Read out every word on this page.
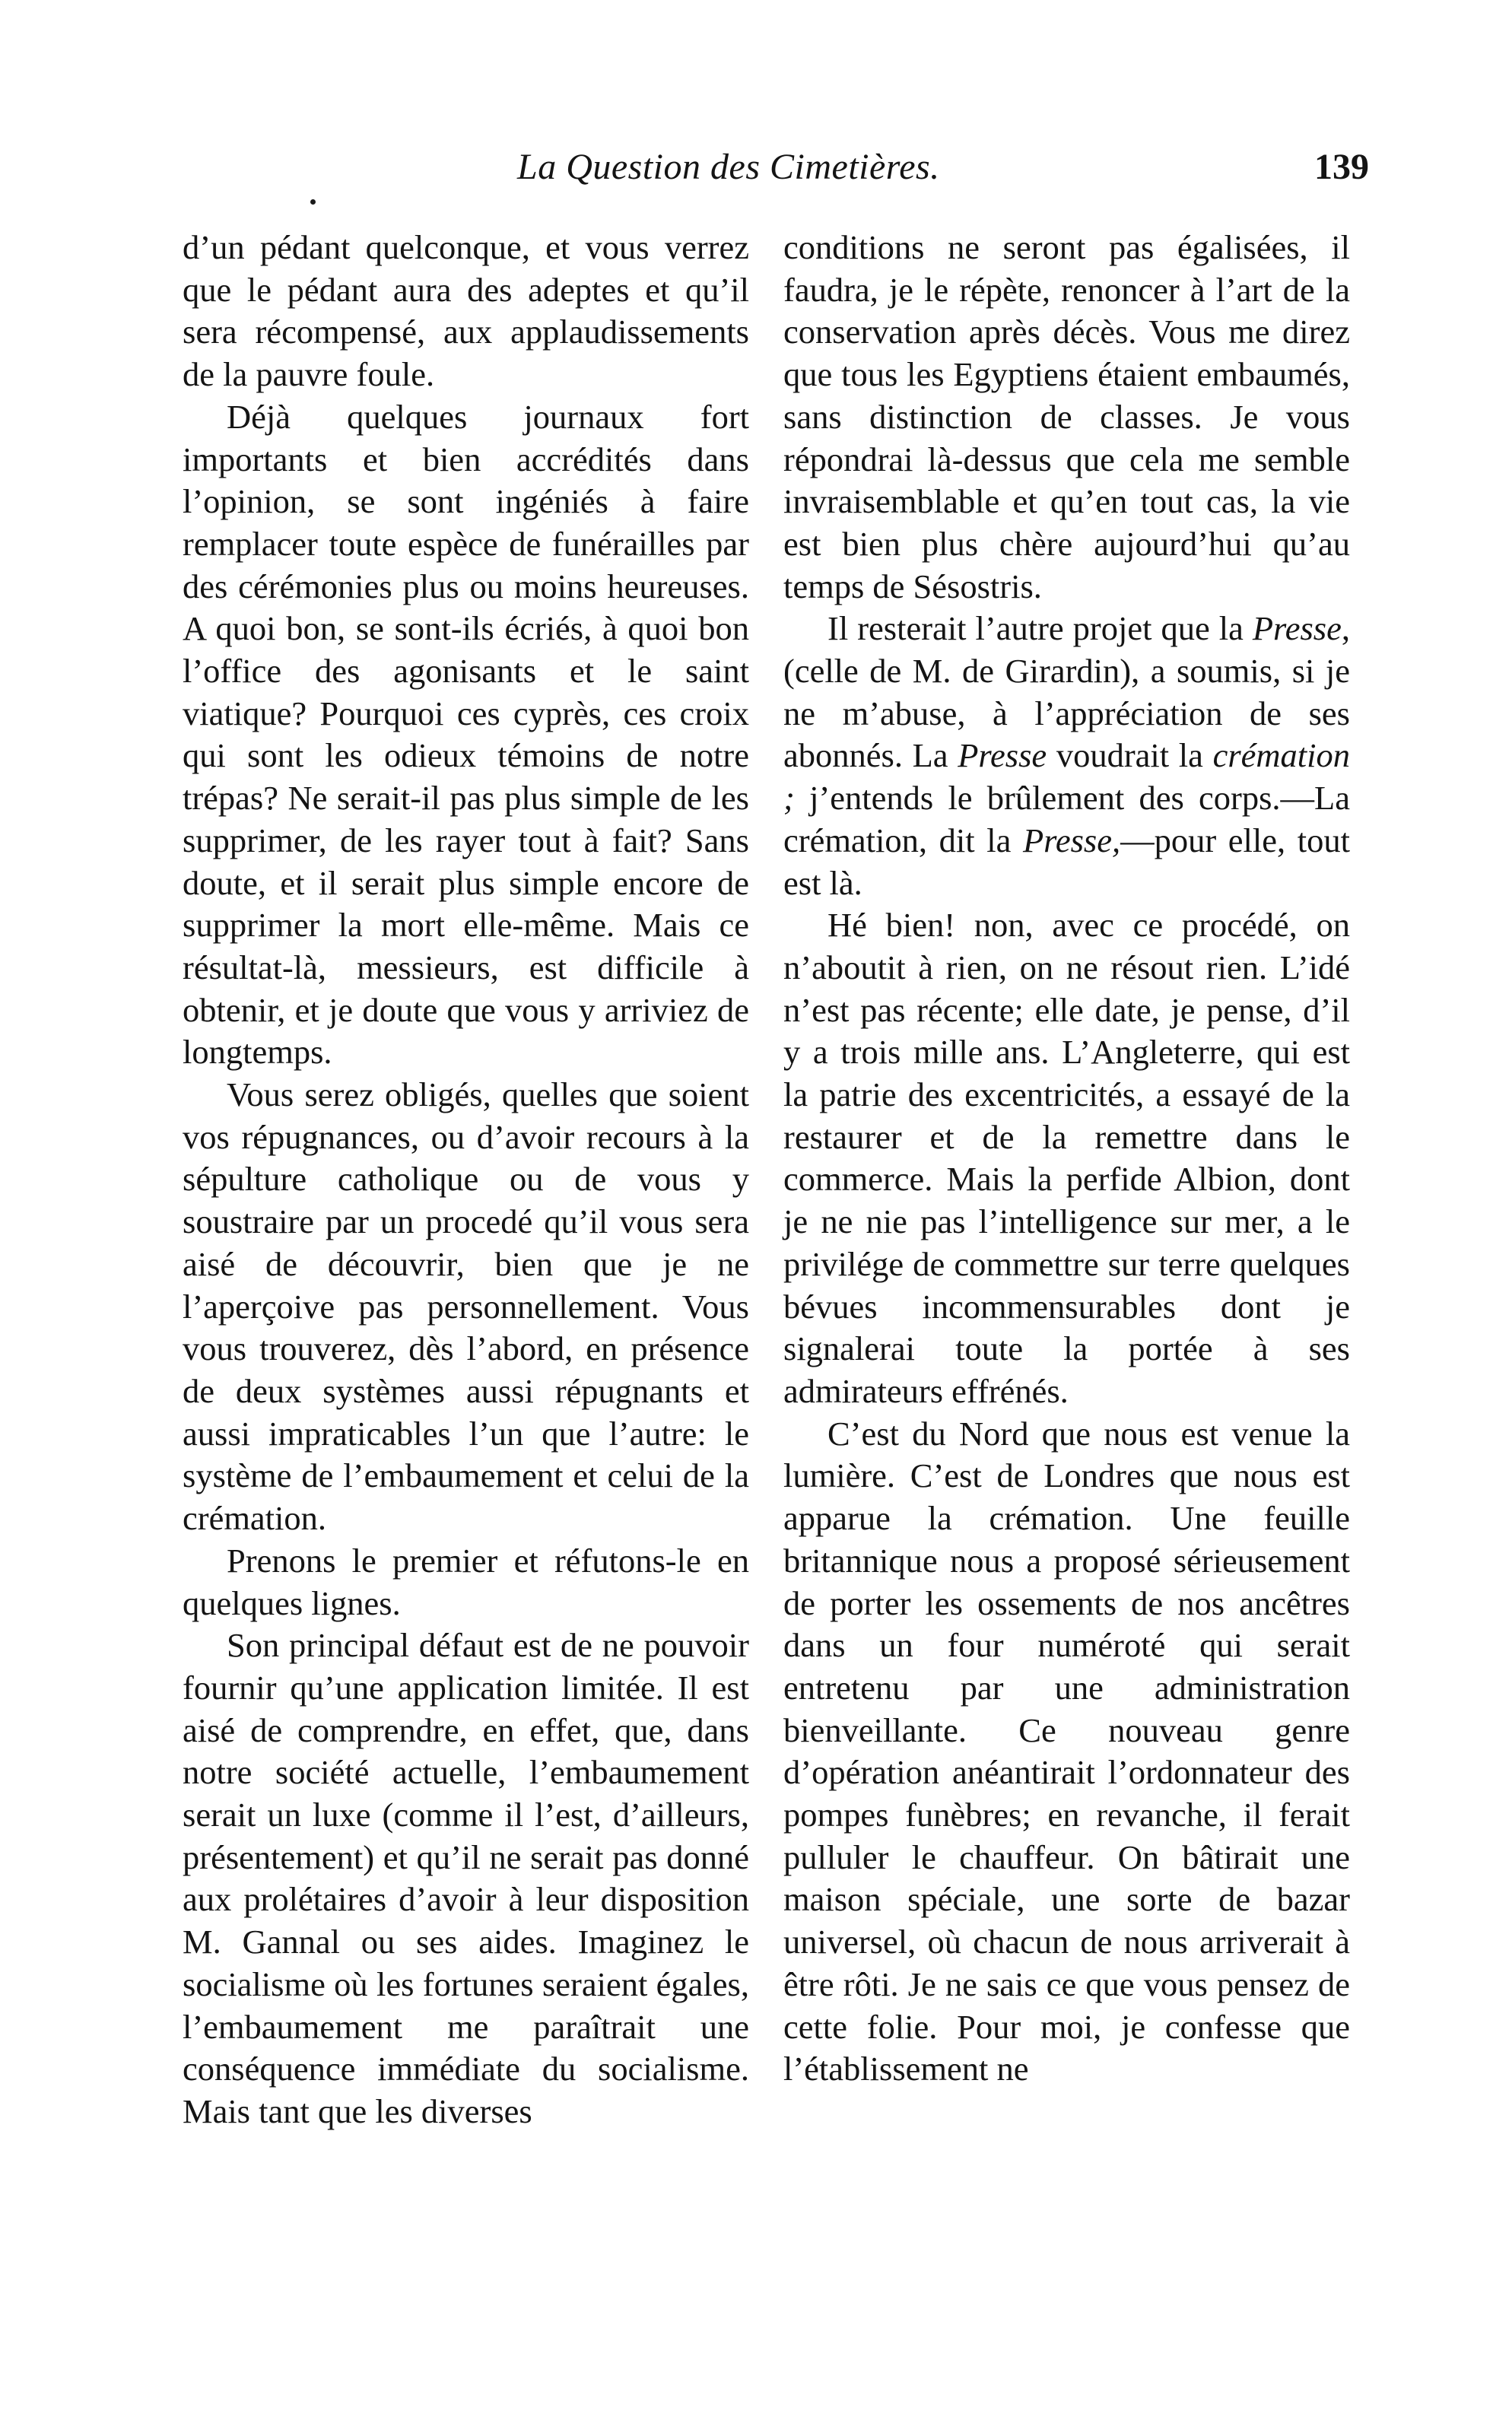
La Question des Cimetières.	139

d’un pédant quelconque, et vous verrez que le pédant aura des adeptes et qu’il sera récompensé, aux applaudissements de la pauvre foule.

Déjà quelques journaux fort importants et bien accrédités dans l’opinion, se sont ingéniés à faire remplacer toute espèce de funérailles par des cérémonies plus ou moins heureuses. A quoi bon, se sont-ils écriés, à quoi bon l’office des agonisants et le saint viatique? Pourquoi ces cyprès, ces croix qui sont les odieux témoins de notre trépas? Ne serait-il pas plus simple de les supprimer, de les rayer tout à fait? Sans doute, et il serait plus simple encore de supprimer la mort elle-même. Mais ce résultat-là, messieurs, est difficile à obtenir, et je doute que vous y arriviez de longtemps.

Vous serez obligés, quelles que soient vos répugnances, ou d’avoir recours à la sépulture catholique ou de vous y soustraire par un procedé qu’il vous sera aisé de découvrir, bien que je ne l’aperçoive pas personnellement. Vous vous trouverez, dès l’abord, en présence de deux systèmes aussi répugnants et aussi impraticables l’un que l’autre: le système de l’embaumement et celui de la crémation.

Prenons le premier et réfutons-le en quelques lignes.

Son principal défaut est de ne pouvoir fournir qu’une application limitée. Il est aisé de comprendre, en effet, que, dans notre société actuelle, l’embaumement serait un luxe (comme il l’est, d’ailleurs, présentement) et qu’il ne serait pas donné aux prolétaires d’avoir à leur disposition M. Gannal ou ses aides. Imaginez le socialisme où les fortunes seraient égales, l’embaumement me paraîtrait une conséquence immédiate du socialisme. Mais tant que les diverses

conditions ne seront pas égalisées, il faudra, je le répète, renoncer à l’art de la conservation après décès. Vous me direz que tous les Egyptiens étaient embaumés, sans distinction de classes. Je vous répondrai là-dessus que cela me semble invraisemblable et qu’en tout cas, la vie est bien plus chère aujourd’hui qu’au temps de Sésostris.

Il resterait l’autre projet que la Presse, (celle de M. de Girardin), a soumis, si je ne m’abuse, à l’appréciation de ses abonnés. La Presse voudrait la crémation ; j’entends le brûlement des corps.—La crémation, dit la Presse,—pour elle, tout est là.

Hé bien! non, avec ce procédé, on n’aboutit à rien, on ne résout rien. L’idé n’est pas récente; elle date, je pense, d’il y a trois mille ans. L’Angleterre, qui est la patrie des excentricités, a essayé de la restaurer et de la remettre dans le commerce. Mais la perfide Albion, dont je ne nie pas l’intelligence sur mer, a le privilége de commettre sur terre quelques bévues incommensurables dont je signalerai toute la portée à ses admirateurs effrénés.

C’est du Nord que nous est venue la lumière. C’est de Londres que nous est apparue la crémation. Une feuille britannique nous a proposé sérieusement de porter les ossements de nos ancêtres dans un four numéroté qui serait entretenu par une administration bienveillante. Ce nouveau genre d’opération anéantirait l’ordonnateur des pompes funèbres; en revanche, il ferait pulluler le chauffeur. On bâtirait une maison spéciale, une sorte de bazar universel, où chacun de nous arriverait à être rôti. Je ne sais ce que vous pensez de cette folie. Pour moi, je confesse que l’établissement ne
